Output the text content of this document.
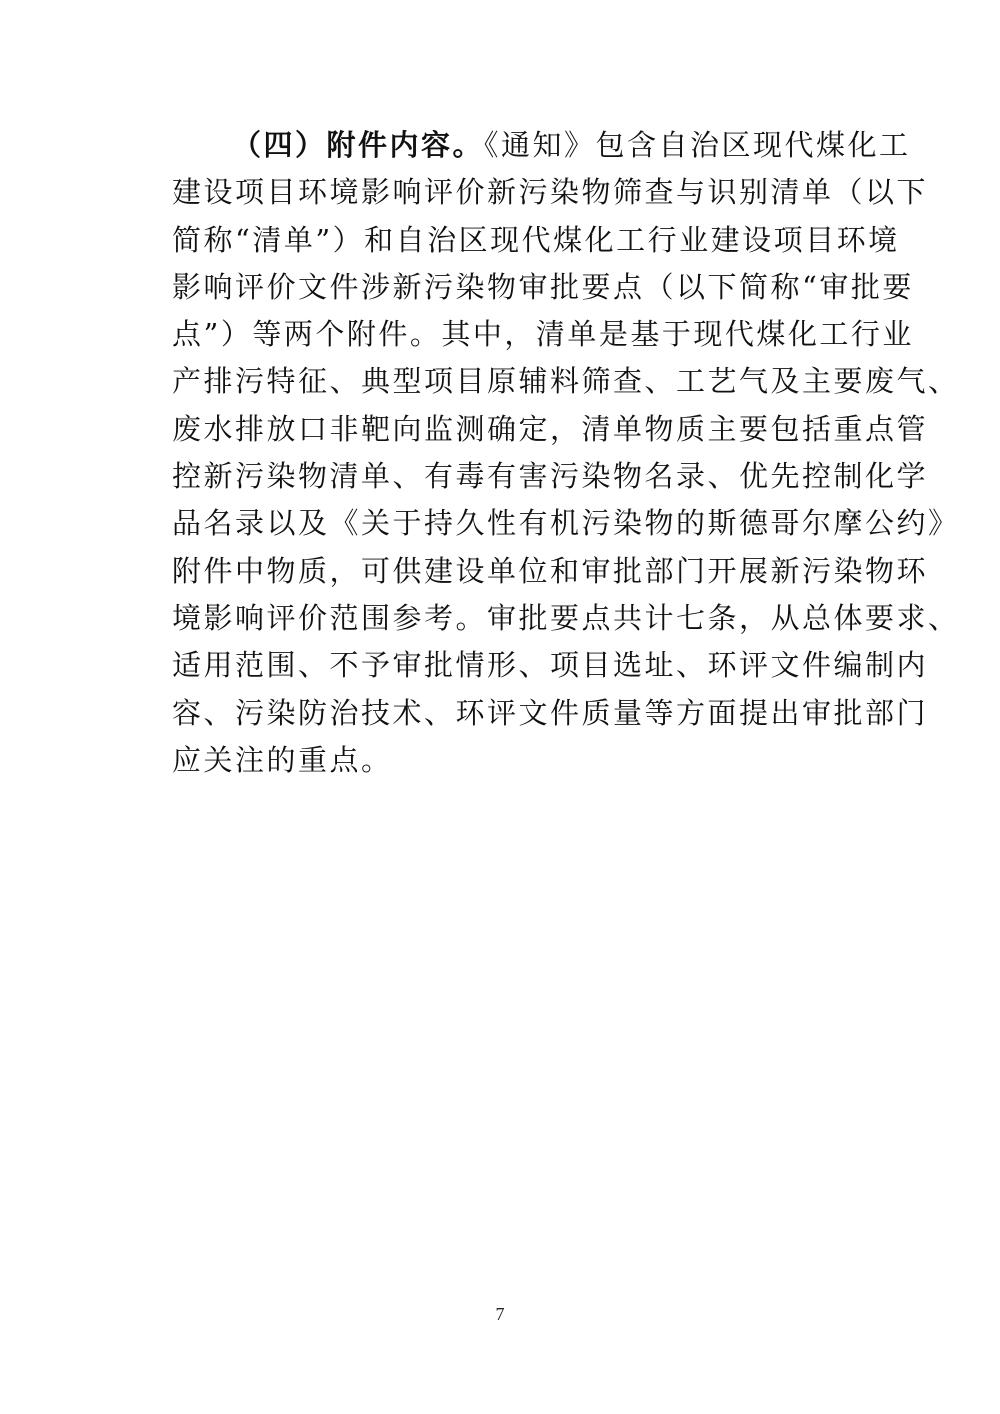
（四）附件内容。《通知》包含自治区现代煤化工
建设项目环境影响评价新污染物筛查与识别清单（以下
简称“清单”）和自治区现代煤化工行业建设项目环境
影响评价文件涉新污染物审批要点（以下简称“审批要
点”）等两个附件。其中，清单是基于现代煤化工行业
产排污特征、典型项目原辅料筛查、工艺气及主要废气、
废水排放口非靶向监测确定，清单物质主要包括重点管
控新污染物清单、有毒有害污染物名录、优先控制化学
品名录以及《关于持久性有机污染物的斯德哥尔摩公约》
附件中物质，可供建设单位和审批部门开展新污染物环
境影响评价范围参考。审批要点共计七条，从总体要求、
适用范围、不予审批情形、项目选址、环评文件编制内
容、污染防治技术、环评文件质量等方面提出审批部门
应关注的重点。
7
